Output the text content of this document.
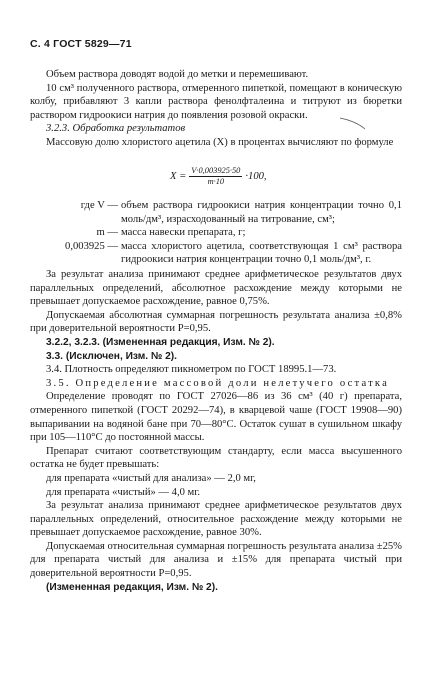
С. 4 ГОСТ 5829—71

Объем раствора доводят водой до метки и перемешивают.

10 см³ полученного раствора, отмеренного пипеткой, помещают в коническую колбу, прибавляют 3 капли раствора фенолфталеина и титруют из бюретки раствором гидроокиси натрия до появления розовой окраски.

3.2.3. Обработка результатов

Массовую долю хлористого ацетила (X) в процентах вычисляют по формуле

$X = \frac{V\cdot 0,003925\cdot 50}{m\cdot 10} \cdot 100$,
где V — объем раствора гидроокиси натрия концентрации точно 0,1 моль/дм³, израсходованный на титрование, см³;
m — масса навески препарата, г;
0,003925 — масса хлористого ацетила, соответствующая 1 см³ раствора гидроокиси натрия концентрации точно 0,1 моль/дм³, г.

За результат анализа принимают среднее арифметическое результатов двух параллельных определений, абсолютное расхождение между которыми не превышает допускаемое расхождение, равное 0,75%.

Допускаемая абсолютная суммарная погрешность результата анализа ±0,8% при доверительной вероятности P=0,95.

3.2.2, 3.2.3. (Измененная редакция, Изм. № 2).

3.3. (Исключен, Изм. № 2).

3.4. Плотность определяют пикнометром по ГОСТ 18995.1—73.

3.5. Определение массовой доли нелетучего остатка

Определение проводят по ГОСТ 27026—86 из 36 см³ (40 г) препарата, отмеренного пипеткой (ГОСТ 20292—74), в кварцевой чаше (ГОСТ 19908—90) выпаривании на водяной бане при 70—80°С. Остаток сушат в сушильном шкафу при 105—110°С до постоянной массы.

Препарат считают соответствующим стандарту, если масса высушенного остатка не будет превышать:

для препарата «чистый для анализа» — 2,0 мг,

для препарата «чистый» — 4,0 мг.

За результат анализа принимают среднее арифметическое результатов двух параллельных определений, относительное расхождение между которыми не превышает допускаемое расхождение, равное 30%.

Допускаемая относительная суммарная погрешность результата анализа ±25% для препарата чистый для анализа и ±15% для препарата чистый при доверительной вероятности P=0,95.

(Измененная редакция, Изм. № 2).
